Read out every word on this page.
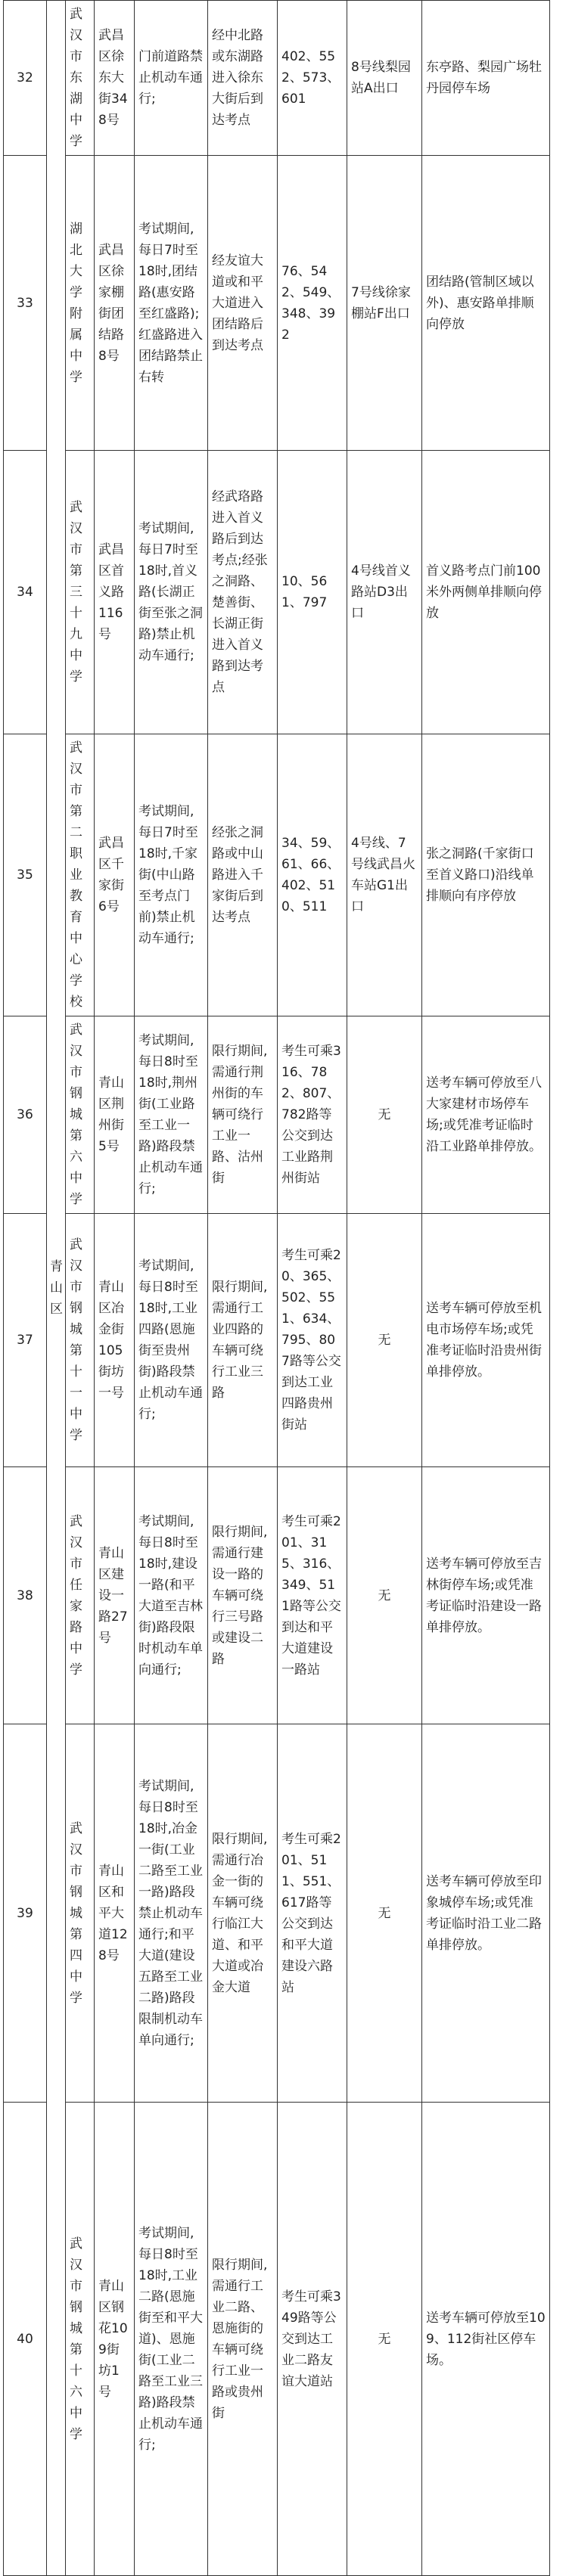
32	青山区	武汉市东湖中学	武昌区徐东大街348号	门前道路禁止机动车通行;	经中北路或东湖路进入徐东大街后到达考点	402、552、573、601	8号线梨园站A出口	东亭路、梨园广场牡丹园停车场
33		湖北大学附属中学	武昌区徐家棚街团结路8号	考试期间,每日7时至18时,团结路(惠安路至红盛路);红盛路进入团结路禁止右转	经友谊大道或和平大道进入团结路后到达考点	76、542、549、348、392	7号线徐家棚站F出口	团结路(管制区域以外)、惠安路单排顺向停放
34		武汉市第三十九中学	武昌区首义路116号	考试期间,每日7时至18时,首义路(长湖正街至张之洞路)禁止机动车通行;	经武珞路进入首义路后到达考点;经张之洞路、楚善街、长湖正街进入首义路到达考点	10、561、797	4号线首义路站D3出口	首义路考点门前100米外两侧单排顺向停放
35		武汉市第二职业教育中心学校	武昌区千家街6号	考试期间,每日7时至18时,千家街(中山路至考点门前)禁止机动车通行;	经张之洞路或中山路进入千家街后到达考点	34、59、61、66、402、510、511	4号线、7号线武昌火车站G1出口	张之洞路(千家街口至首义路口)沿线单排顺向有序停放
36		武汉市钢城第六中学	青山区荆州街5号	考试期间,每日8时至18时,荆州街(工业路至工业一路)路段禁止机动车通行;	限行期间,需通行荆州街的车辆可绕行工业一路、沽州街	考生可乘316、782、807、782路等公交到达工业路荆州街站	无	送考车辆可停放至八大家建材市场停车场;或凭准考证临时沿工业路单排停放。
37		武汉市钢城第十一中学	青山区冶金街105街坊一号	考试期间,每日8时至18时,工业四路(恩施街至贵州街)路段禁止机动车通行;	限行期间,需通行工业四路的车辆可绕行工业三路	考生可乘20、365、502、551、634、795、807路等公交到达工业四路贵州街站	无	送考车辆可停放至机电市场停车场;或凭准考证临时沿贵州街单排停放。
38		武汉市任家路中学	青山区建设一路27号	考试期间,每日8时至18时,建设一路(和平大道至吉林街)路段限时机动车单向通行;	限行期间,需通行建设一路的车辆可绕行三号路或建设二路	考生可乘201、315、316、349、511路等公交到达和平大道建设一路站	无	送考车辆可停放至吉林街停车场;或凭准考证临时沿建设一路单排停放。
39		武汉市钢城第四中学	青山区和平大道128号	考试期间,每日8时至18时,冶金一街(工业二路至工业一路)路段禁止机动车通行;和平大道(建设五路至工业二路)路段限制机动车单向通行;	限行期间,需通行冶金一街的车辆可绕行临江大道、和平大道或冶金大道	考生可乘201、511、551、617路等公交到达和平大道建设六路站	无	送考车辆可停放至印象城停车场;或凭准考证临时沿工业二路单排停放。
40		武汉市钢城第十六中学	青山区钢花109街坊1号	考试期间,每日8时至18时,工业二路(恩施街至和平大道)、恩施街(工业二路至工业三路)路段禁止机动车通行;	限行期间,需通行工业二路、恩施街的车辆可绕行工业一路或贵州街	考生可乘349路等公交到达工业二路友谊大道站	无	送考车辆可停放至109、112街社区停车场。
